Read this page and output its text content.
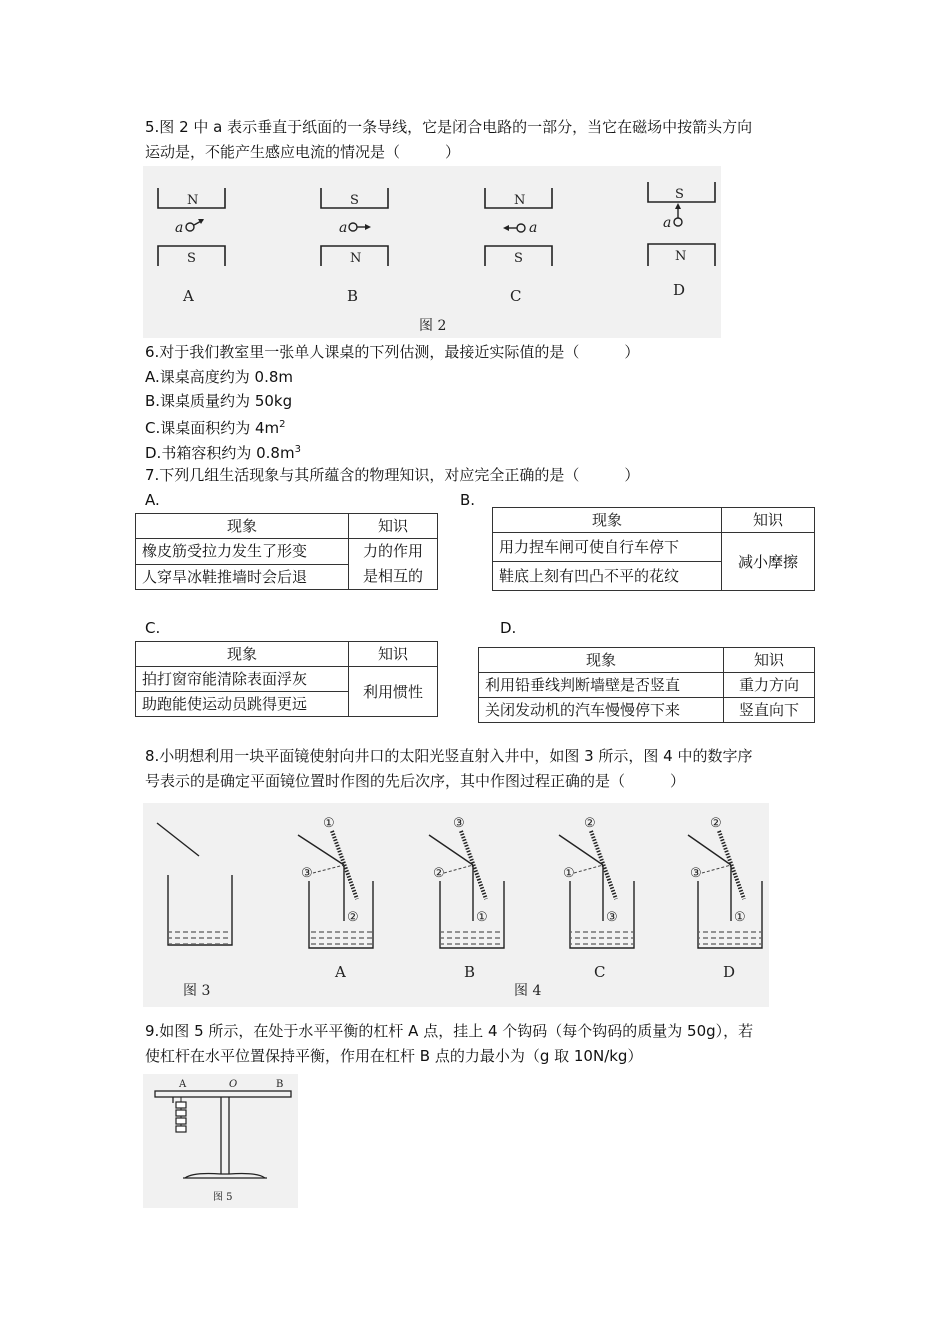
5.图 2 中 a 表示垂直于纸面的一条导线，它是闭合电路的一部分，当它在磁场中按箭头方向
运动是，不能产生感应电流的情况是（　　　）
N
S
S
N
N
S
S
N
a	a	a	a
A	B	C	D
图 2
6.对于我们教室里一张单人课桌的下列估测，最接近实际值的是（　　　）
A.课桌高度约为 0.8m
B.课桌质量约为 50kg
C.课桌面积约为 $4m^2$
D.书箱容积约为 $0.8m^3$
7.下列几组生活现象与其所蕴含的物理知识，对应完全正确的是（　　　）
A.
现象	知识
橡皮筋受拉力发生了形变	力的作用
是相互的
人穿旱冰鞋推墙时会后退	
B.
现象	知识
用力捏车闸可使自行车停下	减小摩擦
鞋底上刻有凹凸不平的花纹	
C.
现象	知识
拍打窗帘能清除表面浮灰	利用惯性
助跑能使运动员跳得更远	
D.
现象	知识
利用铅垂线判断墙壁是否竖直	重力方向
关闭发动机的汽车慢慢停下来	竖直向下
8.小明想利用一块平面镜使射向井口的太阳光竖直射入井中，如图 3 所示，图 4 中的数字序
号表示的是确定平面镜位置时作图的先后次序，其中作图过程正确的是（　　　）
图 3
①
③
②
③
②
①
②
①
③
②
③
①
A	B	C	D
图 4
9.如图 5 所示，在处于水平平衡的杠杆 A 点，挂上 4 个钩码（每个钩码的质量为 50g），若
使杠杆在水平位置保持平衡，作用在杠杆 B 点的力最小为（g 取 10N/kg）
A	O	B
图 5
